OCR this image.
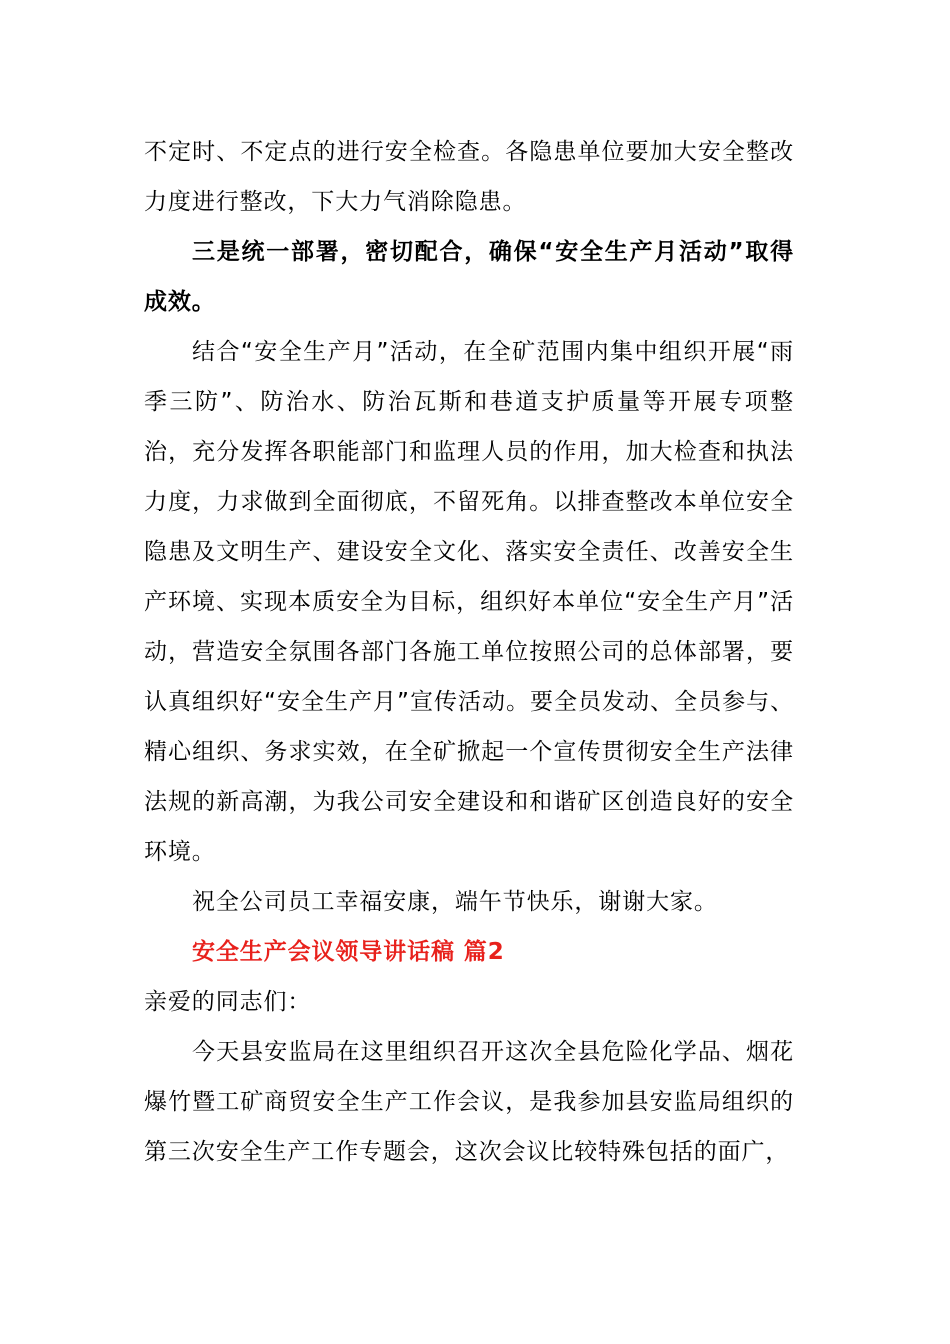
不定时、不定点的进行安全检查。各隐患单位要加大安全整改力度进行整改，下大力气消除隐患。

三是统一部署，密切配合，确保“安全生产月活动”取得成效。

结合“安全生产月”活动，在全矿范围内集中组织开展“雨季三防”、防治水、防治瓦斯和巷道支护质量等开展专项整治，充分发挥各职能部门和监理人员的作用，加大检查和执法力度，力求做到全面彻底，不留死角。以排查整改本单位安全隐患及文明生产、建设安全文化、落实安全责任、改善安全生产环境、实现本质安全为目标，组织好本单位“安全生产月”活动，营造安全氛围各部门各施工单位按照公司的总体部署，要认真组织好“安全生产月”宣传活动。要全员发动、全员参与、精心组织、务求实效，在全矿掀起一个宣传贯彻安全生产法律法规的新高潮，为我公司安全建设和和谐矿区创造良好的安全环境。

祝全公司员工幸福安康，端午节快乐，谢谢大家。

安全生产会议领导讲话稿 篇2

亲爱的同志们：

今天县安监局在这里组织召开这次全县危险化学品、烟花爆竹暨工矿商贸安全生产工作会议，是我参加县安监局组织的第三次安全生产工作专题会，这次会议比较特殊包括的面广，
